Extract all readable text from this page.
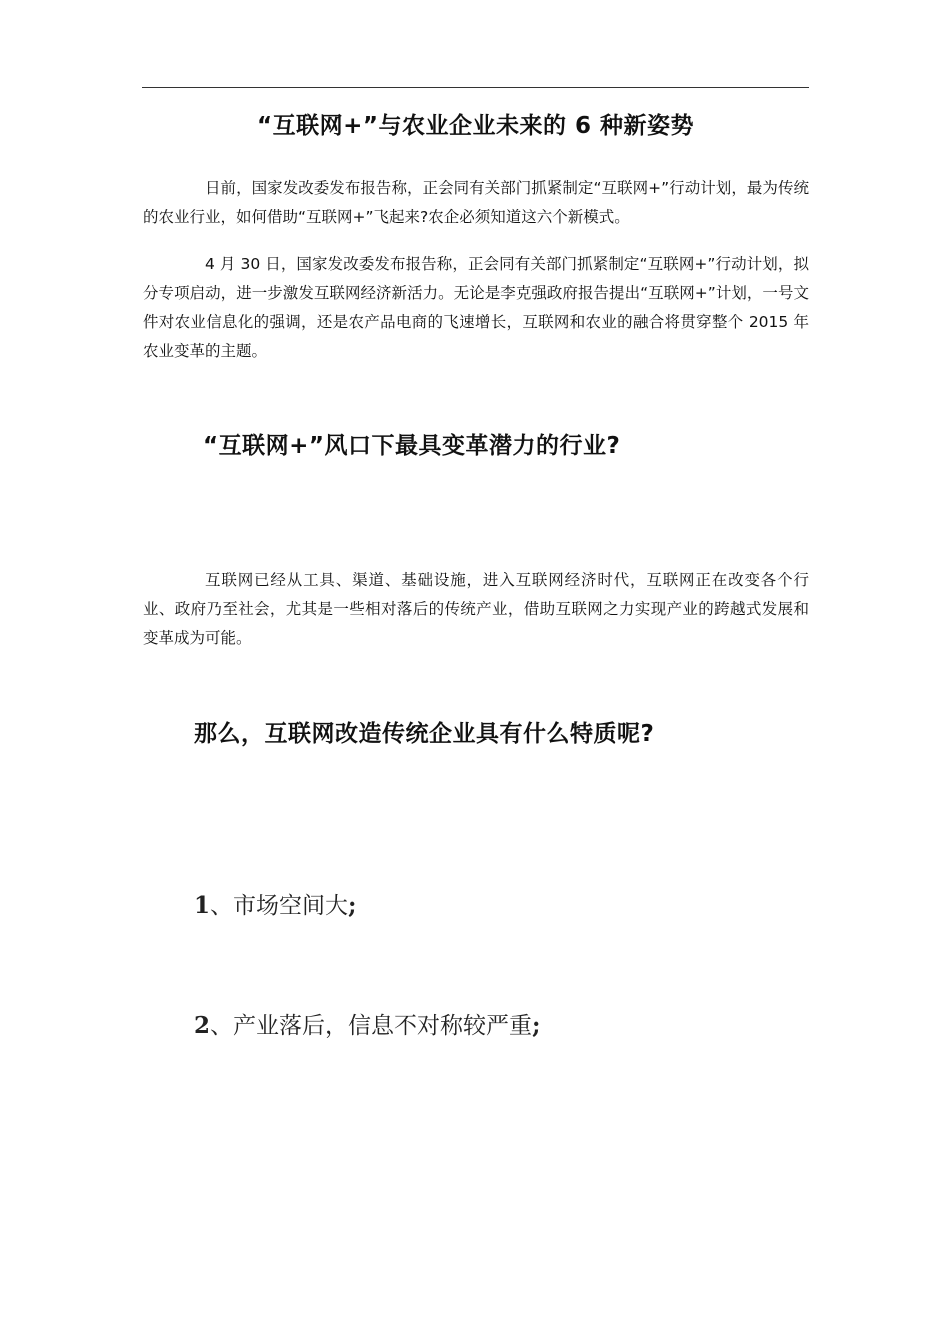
“互联网+”与农业企业未来的 6 种新姿势

日前，国家发改委发布报告称，正会同有关部门抓紧制定“互联网+”行动计划，最为传统的农业行业，如何借助“互联网+”飞起来?农企必须知道这六个新模式。

4 月 30 日，国家发改委发布报告称，正会同有关部门抓紧制定“互联网+”行动计划，拟分专项启动，进一步激发互联网经济新活力。无论是李克强政府报告提出“互联网+”计划，一号文件对农业信息化的强调，还是农产品电商的飞速增长，互联网和农业的融合将贯穿整个 2015 年农业变革的主题。

“互联网+”风口下最具变革潜力的行业?

互联网已经从工具、渠道、基础设施，进入互联网经济时代，互联网正在改变各个行业、政府乃至社会，尤其是一些相对落后的传统产业，借助互联网之力实现产业的跨越式发展和变革成为可能。

那么，互联网改造传统企业具有什么特质呢?

1、市场空间大;

2、产业落后，信息不对称较严重;
